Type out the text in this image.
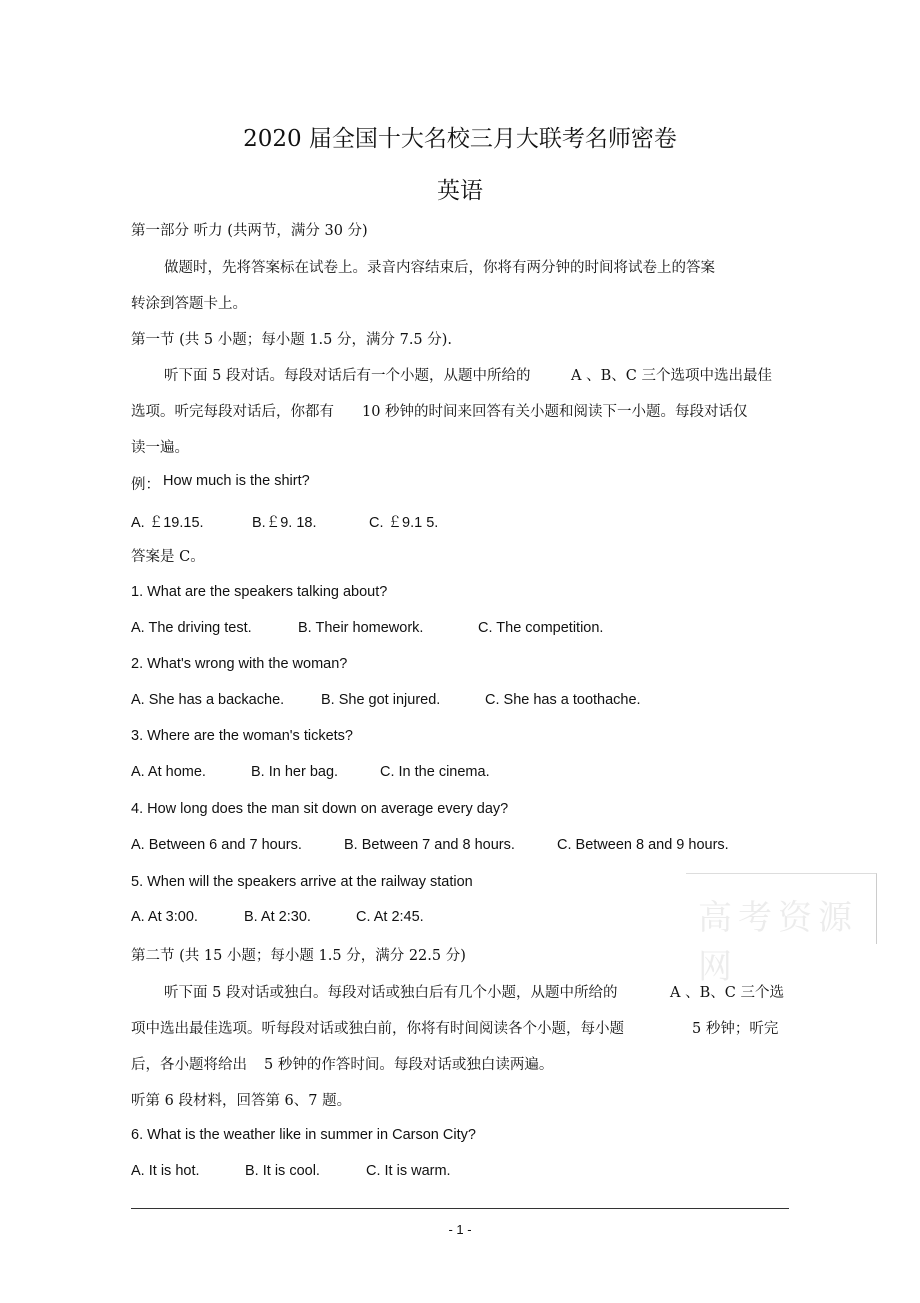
2020 届全国十大名校三月大联考名师密卷
英语
第一部分 听力 (共两节，满分 30 分)
做题时，先将答案标在试卷上。录音内容结束后，你将有两分钟的时间将试卷上的答案
转涂到答题卡上。
第一节 (共 5 小题；每小题 1.5 分，满分 7.5 分).
听下面 5 段对话。每段对话后有一个小题，从题中所给的	A 、B、C 三个选项中选出最佳
选项。听完每段对话后，你都有 10 秒钟的时间来回答有关小题和阅读下一小题。每段对话仅
读一遍。
例： How much is the shirt?
A. ￡19.15.	B.￡9. 18.	C. ￡9.1 5.
答案是 C。
1. What are the speakers talking about?
A. The driving test.	B. Their homework.	C. The competition.
2. What's wrong with the woman?
A. She has a backache.	B. She got injured.	C. She has a toothache.
3. Where are the woman's tickets?
A. At home.	B. In her bag.	C. In the cinema.
4. How long does the man sit down on average every day?
A. Between 6 and 7 hours.	B. Between 7 and 8 hours.	C. Between 8 and 9 hours.
5. When will the speakers arrive at the railway station
A. At 3:00.	B. At 2:30.	C. At 2:45.	高考资源网
第二节 (共 15 小题；每小题 1.5 分，满分 22.5 分)
听下面 5 段对话或独白。每段对话或独白后有几个小题，从题中所给的	A 、B、C 三个选
项中选出最佳选项。听每段对话或独白前，你将有时间阅读各个小题，每小题	5 秒钟；听完
后，各小题将给出 5 秒钟的作答时间。每段对话或独白读两遍。
听第 6 段材料，回答第 6、7 题。
6. What is the weather like in summer in Carson City?
A. It is hot.	B. It is cool.	C. It is warm.
- 1 -
